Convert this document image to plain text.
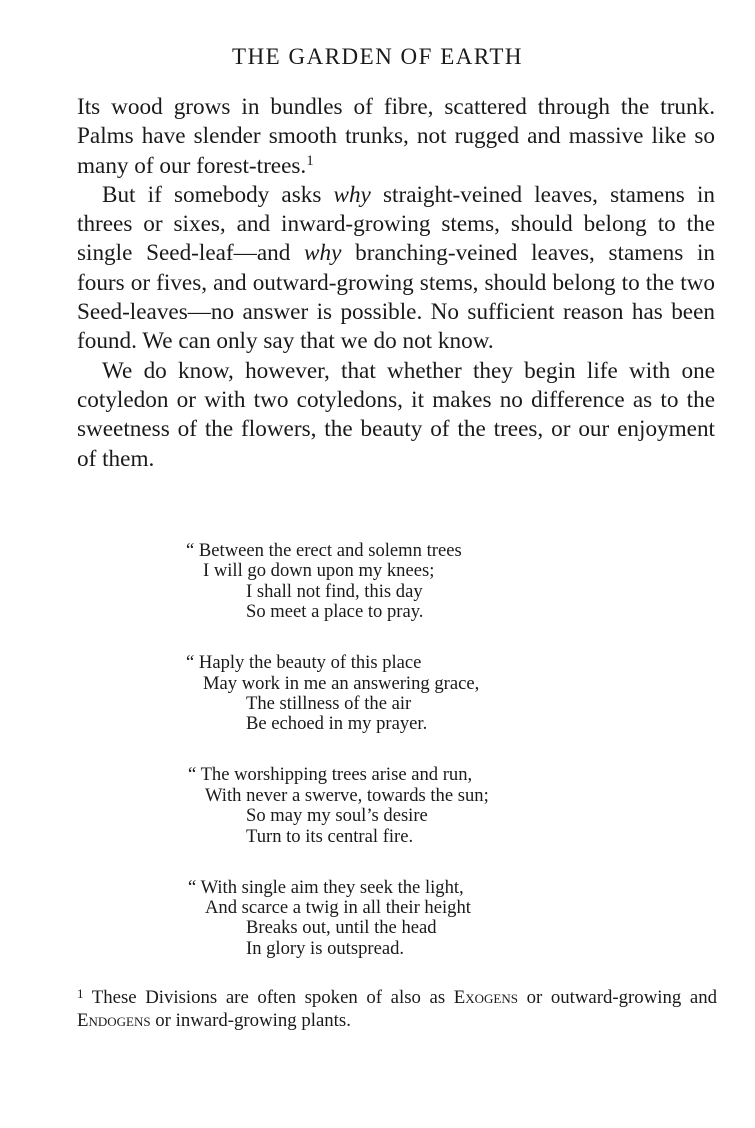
THE GARDEN OF EARTH

Its wood grows in bundles of fibre, scattered through the trunk. Palms have slender smooth trunks, not rugged and massive like so many of our forest-trees.$^1$

But if somebody asks why straight-veined leaves, stamens in threes or sixes, and inward-growing stems, should belong to the single Seed-leaf—and why branching-veined leaves, stamens in fours or fives, and outward-growing stems, should belong to the two Seed-leaves—no answer is possible. No sufficient reason has been found. We can only say that we do not know.

We do know, however, that whether they begin life with one cotyledon or with two cotyledons, it makes no difference as to the sweetness of the flowers, the beauty of the trees, or our enjoyment of them.

“ Between the erect and solemn trees
I will go down upon my knees;
I shall not find, this day
So meet a place to pray.
“ Haply the beauty of this place
May work in me an answering grace,
The stillness of the air
Be echoed in my prayer.
“ The worshipping trees arise and run,
With never a swerve, towards the sun;
So may my soul’s desire
Turn to its central fire.
“ With single aim they seek the light,
And scarce a twig in all their height
Breaks out, until the head
In glory is outspread.
$^1$ These Divisions are often spoken of also as Exogens or outward-growing and Endogens or inward-growing plants.
